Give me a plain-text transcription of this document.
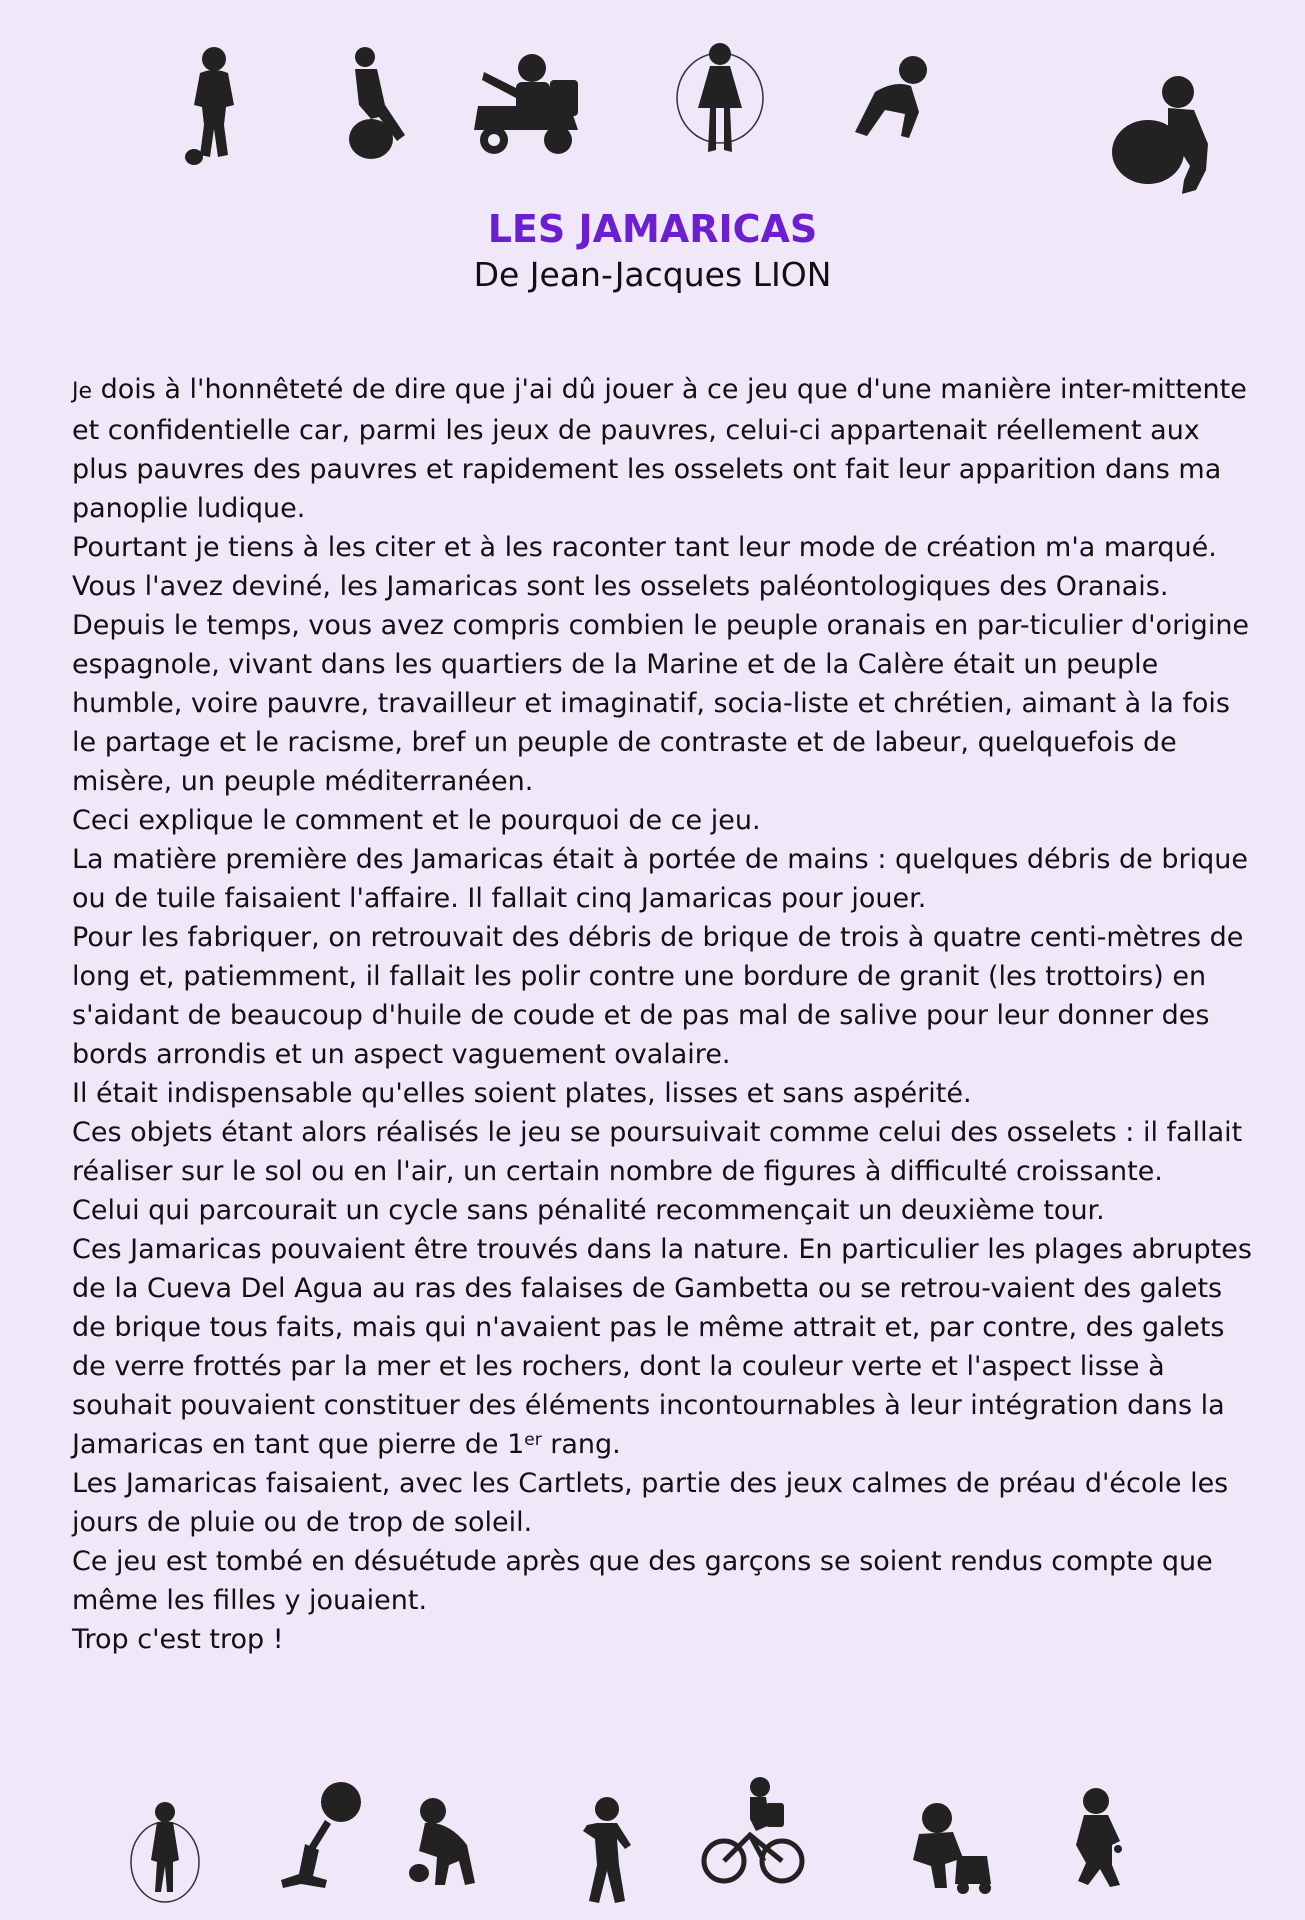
LES JAMARICAS

De Jean-Jacques LION

Je dois à l'honnêteté de dire que j'ai dû jouer à ce jeu que d'une manière inter-mittente et confidentielle car, parmi les jeux de pauvres, celui-ci appartenait réellement aux plus pauvres des pauvres et rapidement les osselets ont fait leur apparition dans ma panoplie ludique.

Pourtant je tiens à les citer et à les raconter tant leur mode de création m'a marqué.

Vous l'avez deviné, les Jamaricas sont les osselets paléontologiques des Oranais. Depuis le temps, vous avez compris combien le peuple oranais en par-ticulier d'origine espagnole, vivant dans les quartiers de la Marine et de la Calère était un peuple humble, voire pauvre, travailleur et imaginatif, socia-liste et chrétien, aimant à la fois le partage et le racisme, bref un peuple de contraste et de labeur, quelquefois de misère, un peuple méditerranéen.

Ceci explique le comment et le pourquoi de ce jeu.

La matière première des Jamaricas était à portée de mains : quelques débris de brique ou de tuile faisaient l'affaire. Il fallait cinq Jamaricas pour jouer.

Pour les fabriquer, on retrouvait des débris de brique de trois à quatre centi-mètres de long et, patiemment, il fallait les polir contre une bordure de granit (les trottoirs) en s'aidant de beaucoup d'huile de coude et de pas mal de salive pour leur donner des bords arrondis et un aspect vaguement ovalaire.

Il était indispensable qu'elles soient plates, lisses et sans aspérité.

Ces objets étant alors réalisés le jeu se poursuivait comme celui des osselets : il fallait réaliser sur le sol ou en l'air, un certain nombre de figures à difficulté croissante.

Celui qui parcourait un cycle sans pénalité recommençait un deuxième tour.

Ces Jamaricas pouvaient être trouvés dans la nature. En particulier les plages abruptes de la Cueva Del Agua au ras des falaises de Gambetta ou se retrou-vaient des galets de brique tous faits, mais qui n'avaient pas le même attrait et, par contre, des galets de verre frottés par la mer et les rochers, dont la couleur verte et l'aspect lisse à souhait pouvaient constituer des éléments incontournables à leur intégration dans la Jamaricas en tant que pierre de 1er rang.

Les Jamaricas faisaient, avec les Cartlets, partie des jeux calmes de préau d'école les jours de pluie ou de trop de soleil.

Ce jeu est tombé en désuétude après que des garçons se soient rendus compte que même les filles y jouaient.

Trop c'est trop !
